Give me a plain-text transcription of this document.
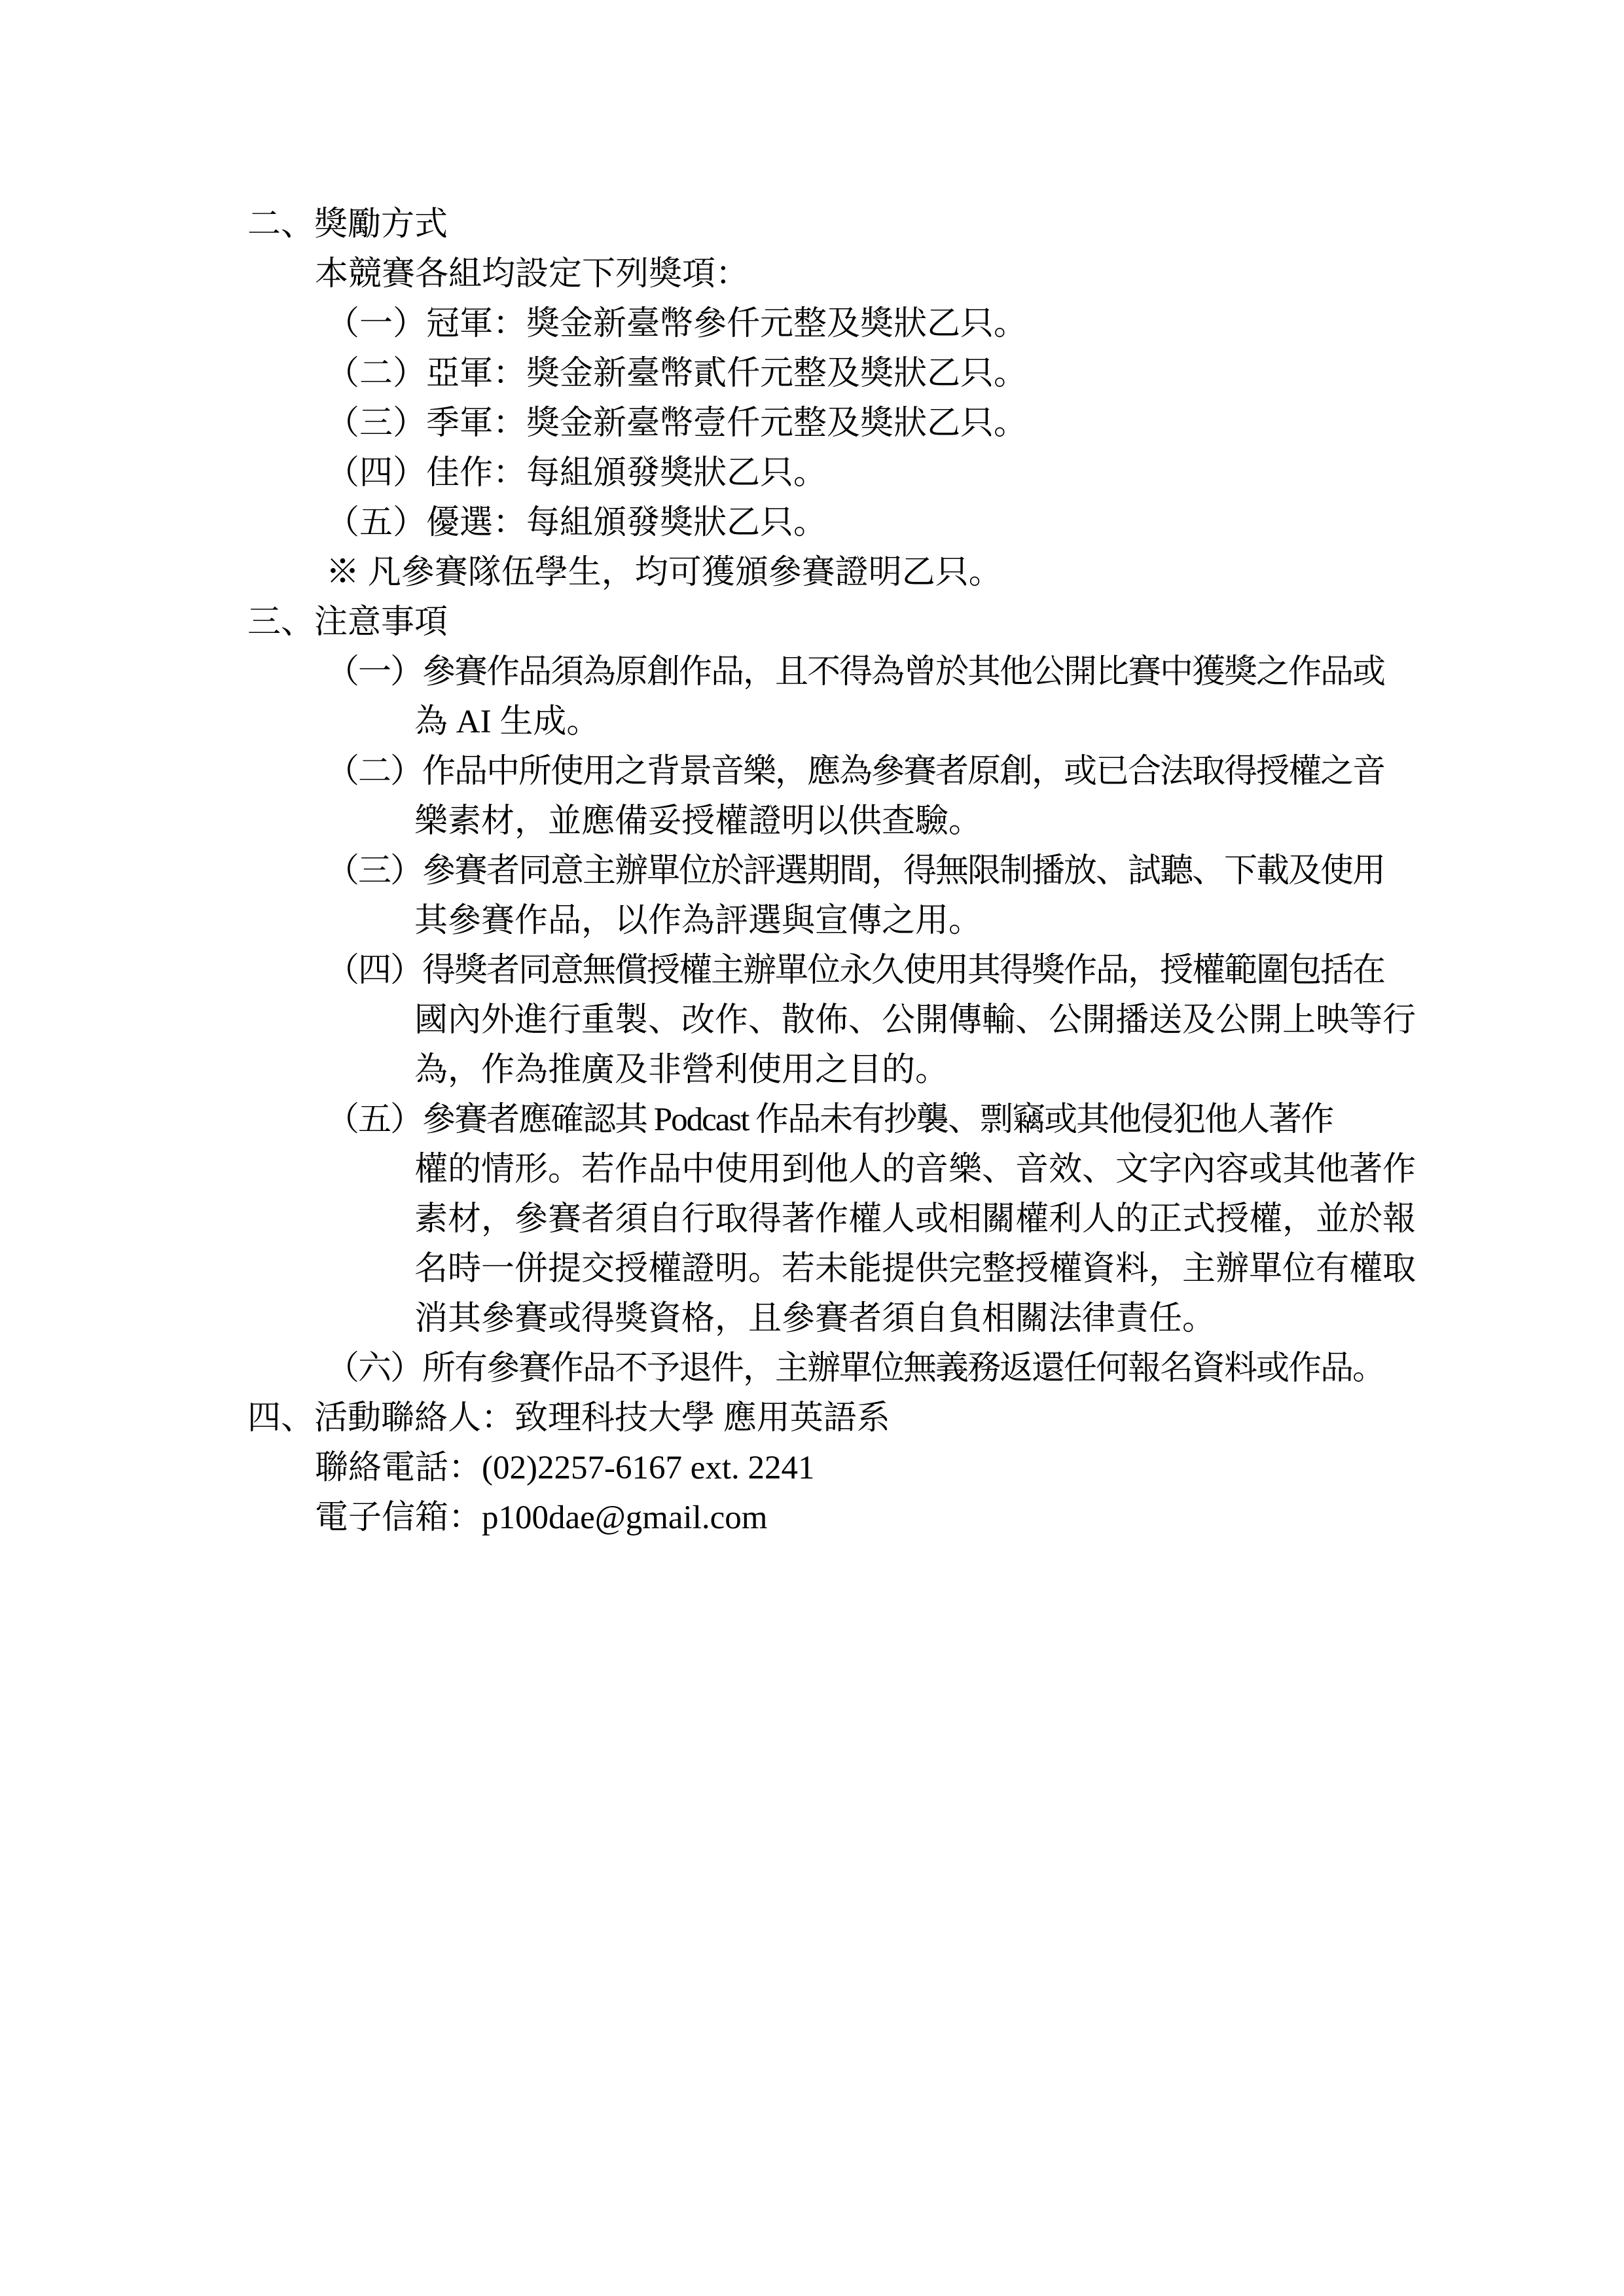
二、獎勵方式
本競賽各組均設定下列獎項：
（一）冠軍：獎金新臺幣參仟元整及獎狀乙只。
（二）亞軍：獎金新臺幣貳仟元整及獎狀乙只。
（三）季軍：獎金新臺幣壹仟元整及獎狀乙只。
（四）佳作：每組頒發獎狀乙只。
（五）優選：每組頒發獎狀乙只。
※ 凡參賽隊伍學生，均可獲頒參賽證明乙只。
三、注意事項
（一）參賽作品須為原創作品，且不得為曾於其他公開比賽中獲獎之作品或
為 AI 生成。
（二）作品中所使用之背景音樂，應為參賽者原創，或已合法取得授權之音
樂素材，並應備妥授權證明以供查驗。
（三）參賽者同意主辦單位於評選期間，得無限制播放、試聽、下載及使用
其參賽作品，以作為評選與宣傳之用。
（四）得獎者同意無償授權主辦單位永久使用其得獎作品，授權範圍包括在
國內外進行重製、改作、散佈、公開傳輸、公開播送及公開上映等行
為，作為推廣及非營利使用之目的。
（五）參賽者應確認其 Podcast 作品未有抄襲、剽竊或其他侵犯他人著作
權的情形。若作品中使用到他人的音樂、音效、文字內容或其他著作
素材，參賽者須自行取得著作權人或相關權利人的正式授權，並於報
名時一併提交授權證明。若未能提供完整授權資料，主辦單位有權取
消其參賽或得獎資格，且參賽者須自負相關法律責任。
（六）所有參賽作品不予退件，主辦單位無義務返還任何報名資料或作品。
四、活動聯絡人：致理科技大學 應用英語系
聯絡電話：(02)2257-6167 ext. 2241
電子信箱：p100dae@gmail.com
